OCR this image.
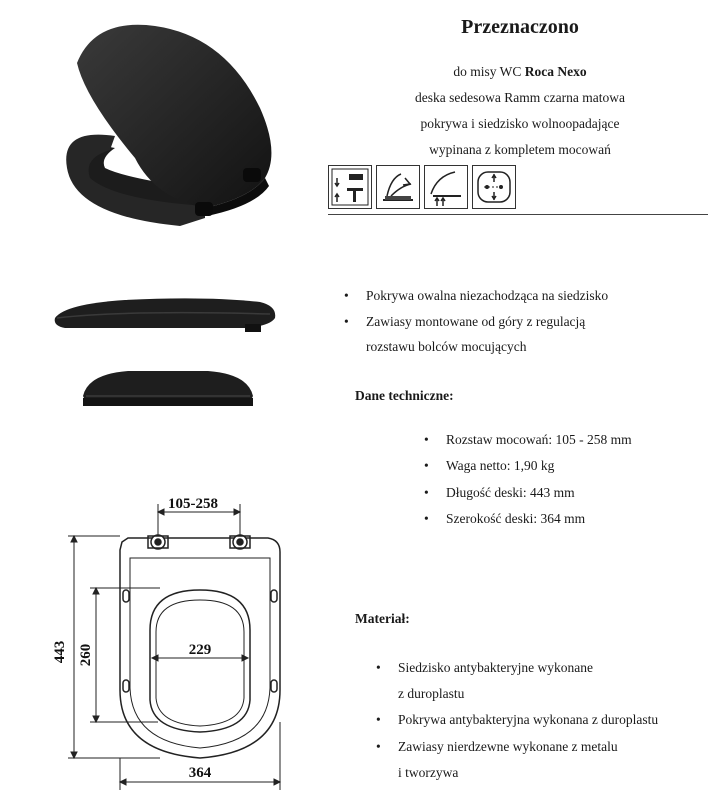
Przeznaczono
do misy WC Roca Nexo
deska sedesowa Ramm czarna matowa
pokrywa i siedzisko wolnoopadające
wypinana z kompletem mocowań
• Pokrywa owalna niezachodząca na siedzisko
• Zawiasy montowane od góry z regulacją
rozstawu bolców mocujących
Dane techniczne:
• Rozstaw mocowań: 105 - 258 mm
• Waga netto: 1,90 kg
• Długość deski: 443 mm
• Szerokość deski: 364 mm
Materiał:
• Siedzisko antybakteryjne wykonane
z duroplastu
• Pokrywa antybakteryjna wykonana z duroplastu
• Zawiasy nierdzewne wykonane z metalu
i tworzywa
105-258
443 260	229
364
